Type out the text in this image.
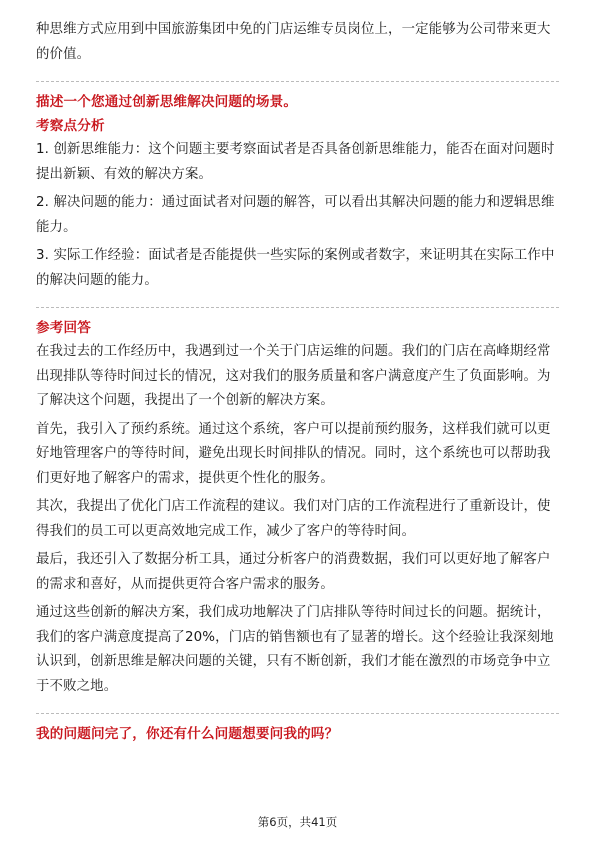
种思维方式应用到中国旅游集团中免的门店运维专员岗位上，一定能够为公司带来更大的价值。

描述一个您通过创新思维解决问题的场景。

考察点分析

1. 创新思维能力：这个问题主要考察面试者是否具备创新思维能力，能否在面对问题时提出新颖、有效的解决方案。

2. 解决问题的能力：通过面试者对问题的解答，可以看出其解决问题的能力和逻辑思维能力。

3. 实际工作经验：面试者是否能提供一些实际的案例或者数字，来证明其在实际工作中的解决问题的能力。

参考回答

在我过去的工作经历中，我遇到过一个关于门店运维的问题。我们的门店在高峰期经常出现排队等待时间过长的情况，这对我们的服务质量和客户满意度产生了负面影响。为了解决这个问题，我提出了一个创新的解决方案。

首先，我引入了预约系统。通过这个系统，客户可以提前预约服务，这样我们就可以更好地管理客户的等待时间，避免出现长时间排队的情况。同时，这个系统也可以帮助我们更好地了解客户的需求，提供更个性化的服务。

其次，我提出了优化门店工作流程的建议。我们对门店的工作流程进行了重新设计，使得我们的员工可以更高效地完成工作，减少了客户的等待时间。

最后，我还引入了数据分析工具，通过分析客户的消费数据，我们可以更好地了解客户的需求和喜好，从而提供更符合客户需求的服务。

通过这些创新的解决方案，我们成功地解决了门店排队等待时间过长的问题。据统计，我们的客户满意度提高了20%，门店的销售额也有了显著的增长。这个经验让我深刻地认识到，创新思维是解决问题的关键，只有不断创新，我们才能在激烈的市场竞争中立于不败之地。

我的问题问完了，你还有什么问题想要问我的吗？

第6页，共41页
